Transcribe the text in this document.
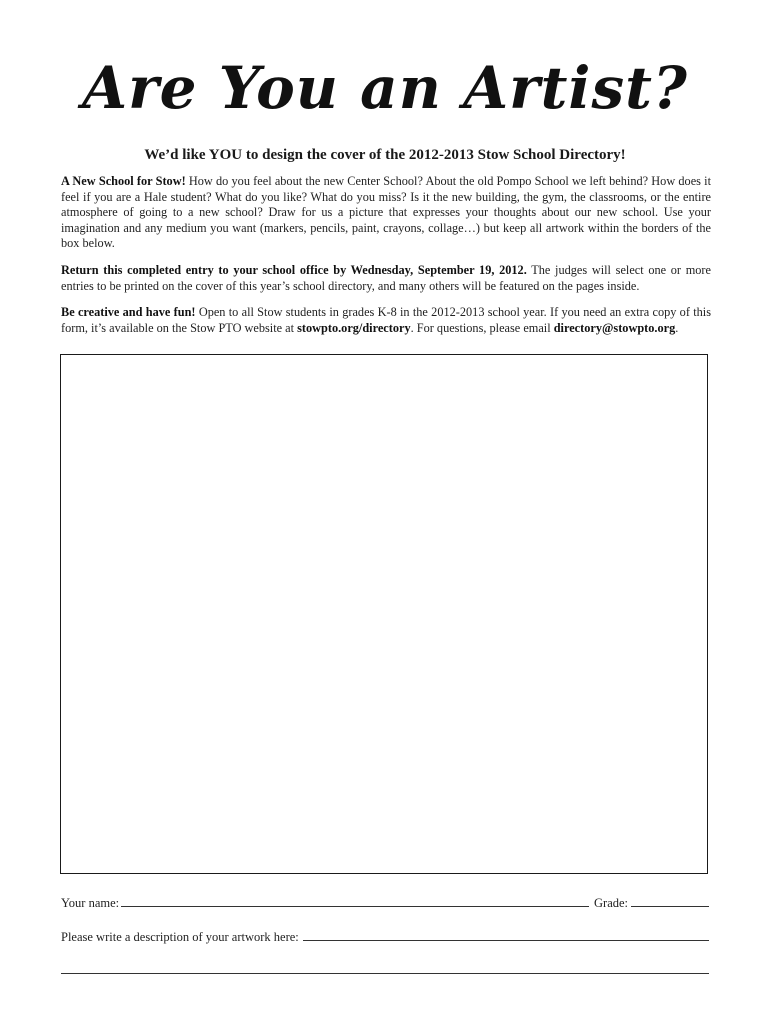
Are You an Artist?
We’d like YOU to design the cover of the 2012-2013 Stow School Directory!
A New School for Stow! How do you feel about the new Center School? About the old Pompo School we left behind? How does it feel if you are a Hale student? What do you like? What do you miss? Is it the new building, the gym, the classrooms, or the entire atmosphere of going to a new school? Draw for us a picture that expresses your thoughts about our new school. Use your imagination and any medium you want (markers, pencils, paint, crayons, collage…) but keep all artwork within the borders of the box below.
Return this completed entry to your school office by Wednesday, September 19, 2012. The judges will select one or more entries to be printed on the cover of this year’s school directory, and many others will be featured on the pages inside.
Be creative and have fun! Open to all Stow students in grades K-8 in the 2012-2013 school year. If you need an extra copy of this form, it’s available on the Stow PTO website at stowpto.org/directory. For questions, please email directory@stowpto.org.
Your name:	Grade:
Please write a description of your artwork here:
